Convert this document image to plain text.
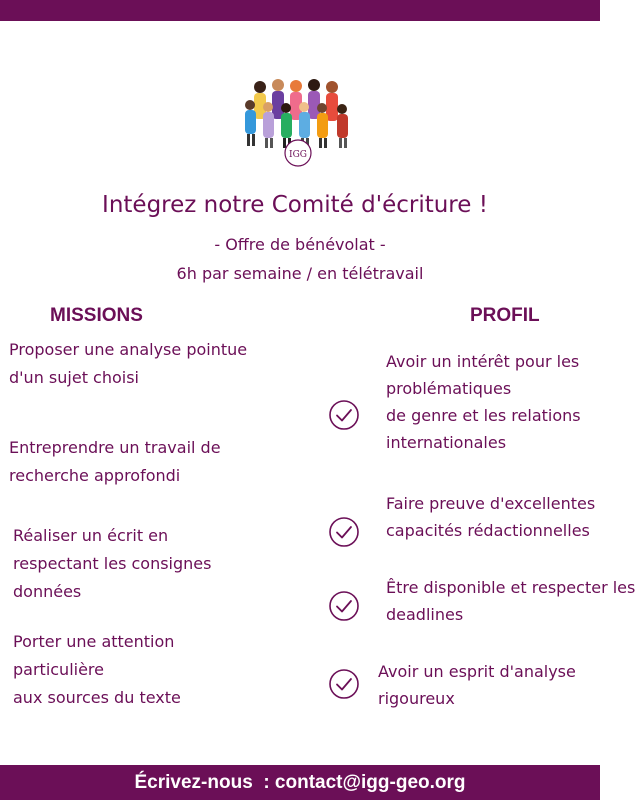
IGG
Intégrez notre Comité d'écriture !
- Offre de bénévolat -
6h par semaine / en télétravail
MISSIONS	PROFIL
Proposer une analyse pointue
d'un sujet choisi
Entreprendre un travail de
recherche approfondi
Réaliser un écrit en
respectant les consignes
données
Porter une attention
particulière
aux sources du texte
Avoir un intérêt pour les
problématiques
de genre et les relations
internationales
Faire preuve d'excellentes
capacités rédactionnelles
Être disponible et respecter les
deadlines
Avoir un esprit d'analyse
rigoureux
Écrivez-nous  : contact@igg-geo.org
